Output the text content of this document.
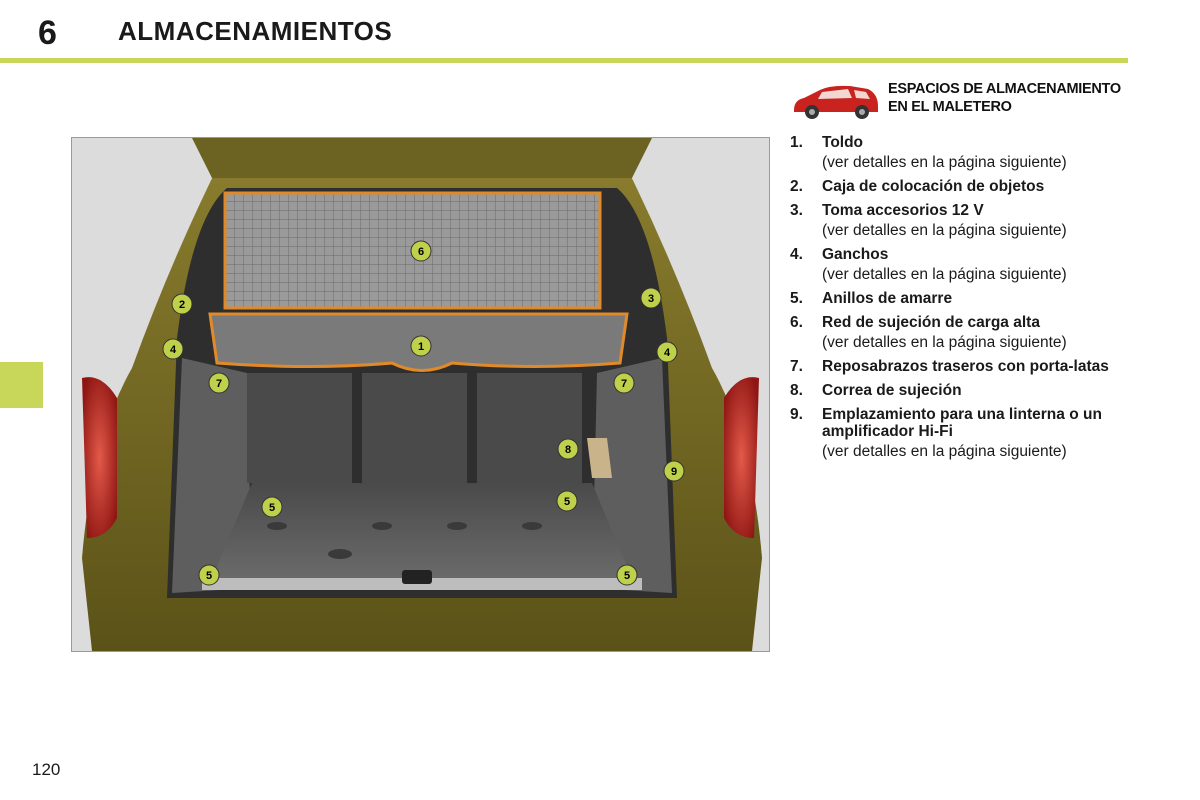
6 ALMACENAMIENTOS
1
2	3
4	4
5	5
5	5
6
7	7
8
9
ESPACIOS DE ALMACENAMIENTO
EN EL MALETERO
1.	Toldo
(ver detalles en la página siguiente)
2.	Caja de colocación de objetos
3.	Toma accesorios 12 V
(ver detalles en la página siguiente)
4.	Ganchos
(ver detalles en la página siguiente)
5.	Anillos de amarre
6.	Red de sujeción de carga alta
(ver detalles en la página siguiente)
7.	Reposabrazos traseros con porta-latas
8.	Correa de sujeción
9.	Emplazamiento para una linterna o un amplificador Hi-Fi
(ver detalles en la página siguiente)
120
